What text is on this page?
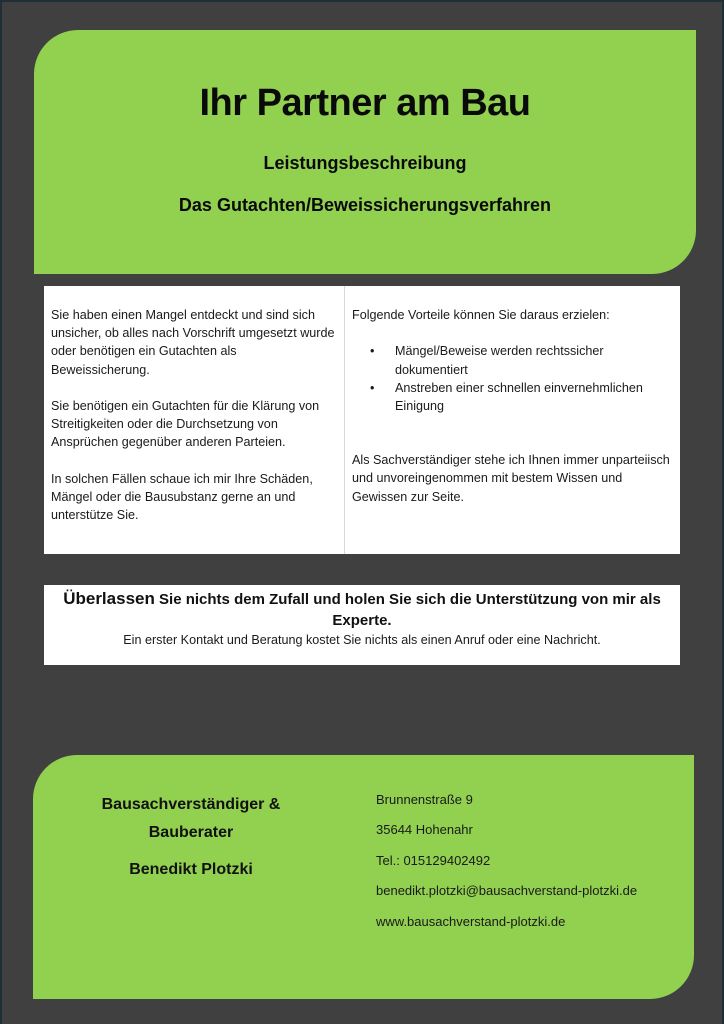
Ihr Partner am Bau
Leistungsbeschreibung
Das Gutachten/Beweissicherungsverfahren

Sie haben einen Mangel entdeckt und sind sich unsicher, ob alles nach Vorschrift umgesetzt wurde oder benötigen ein Gutachten als Beweissicherung.

Sie benötigen ein Gutachten für die Klärung von Streitigkeiten oder die Durchsetzung von Ansprüchen gegenüber anderen Parteien.

In solchen Fällen schaue ich mir Ihre Schäden, Mängel oder die Bausubstanz gerne an und unterstütze Sie.

Folgende Vorteile können Sie daraus erzielen:

• Mängel/Beweise werden rechtssicher dokumentiert
• Anstreben einer schnellen einvernehmlichen Einigung

Als Sachverständiger stehe ich Ihnen immer unparteiisch und unvoreingenommen mit bestem Wissen und Gewissen zur Seite.

Überlassen Sie nichts dem Zufall und holen Sie sich die Unterstützung von mir als Experte.
Ein erster Kontakt und Beratung kostet Sie nichts als einen Anruf oder eine Nachricht.
Bausachverständiger &
Bauberater
Benedikt Plotzki
Brunnenstraße 9
35644 Hohenahr
Tel.: 015129402492
benedikt.plotzki@bausachverstand-plotzki.de
www.bausachverstand-plotzki.de
